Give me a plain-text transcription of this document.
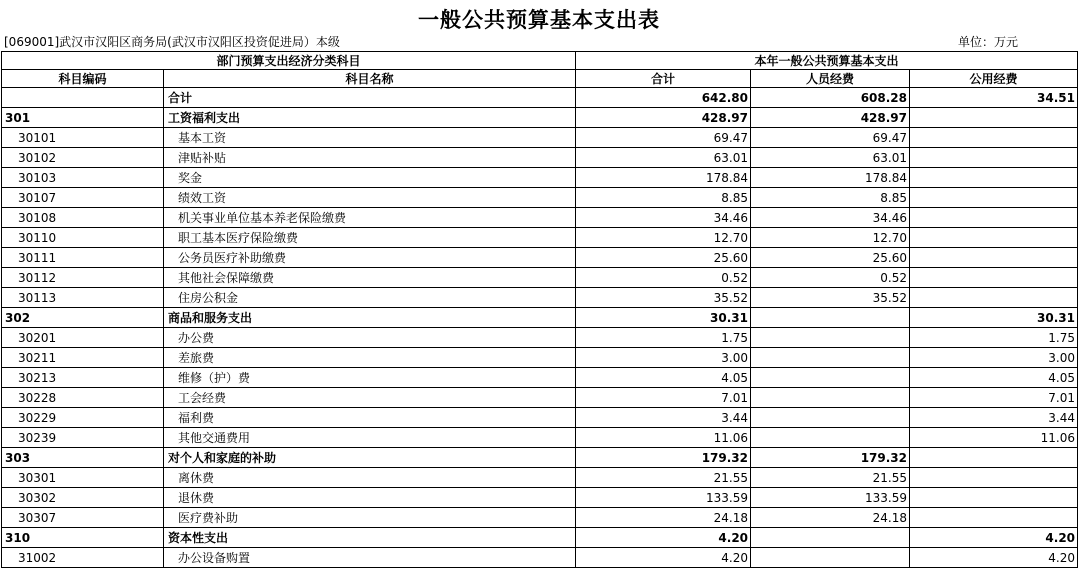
一般公共预算基本支出表
[069001]武汉市汉阳区商务局(武汉市汉阳区投资促进局）本级	单位：万元
部门预算支出经济分类科目		本年一般公共预算基本支出		
科目编码	科目名称	合计	人员经费	公用经费
	合计	642.80	608.28	34.51
301	工资福利支出	428.97	428.97	
30101	基本工资	69.47	69.47	
30102	津贴补贴	63.01	63.01	
30103	奖金	178.84	178.84	
30107	绩效工资	8.85	8.85	
30108	机关事业单位基本养老保险缴费	34.46	34.46	
30110	职工基本医疗保险缴费	12.70	12.70	
30111	公务员医疗补助缴费	25.60	25.60	
30112	其他社会保障缴费	0.52	0.52	
30113	住房公积金	35.52	35.52	
302	商品和服务支出	30.31		30.31
30201	办公费	1.75		1.75
30211	差旅费	3.00		3.00
30213	维修（护）费	4.05		4.05
30228	工会经费	7.01		7.01
30229	福利费	3.44		3.44
30239	其他交通费用	11.06		11.06
303	对个人和家庭的补助	179.32	179.32	
30301	离休费	21.55	21.55	
30302	退休费	133.59	133.59	
30307	医疗费补助	24.18	24.18	
310	资本性支出	4.20		4.20
31002	办公设备购置	4.20		4.20
